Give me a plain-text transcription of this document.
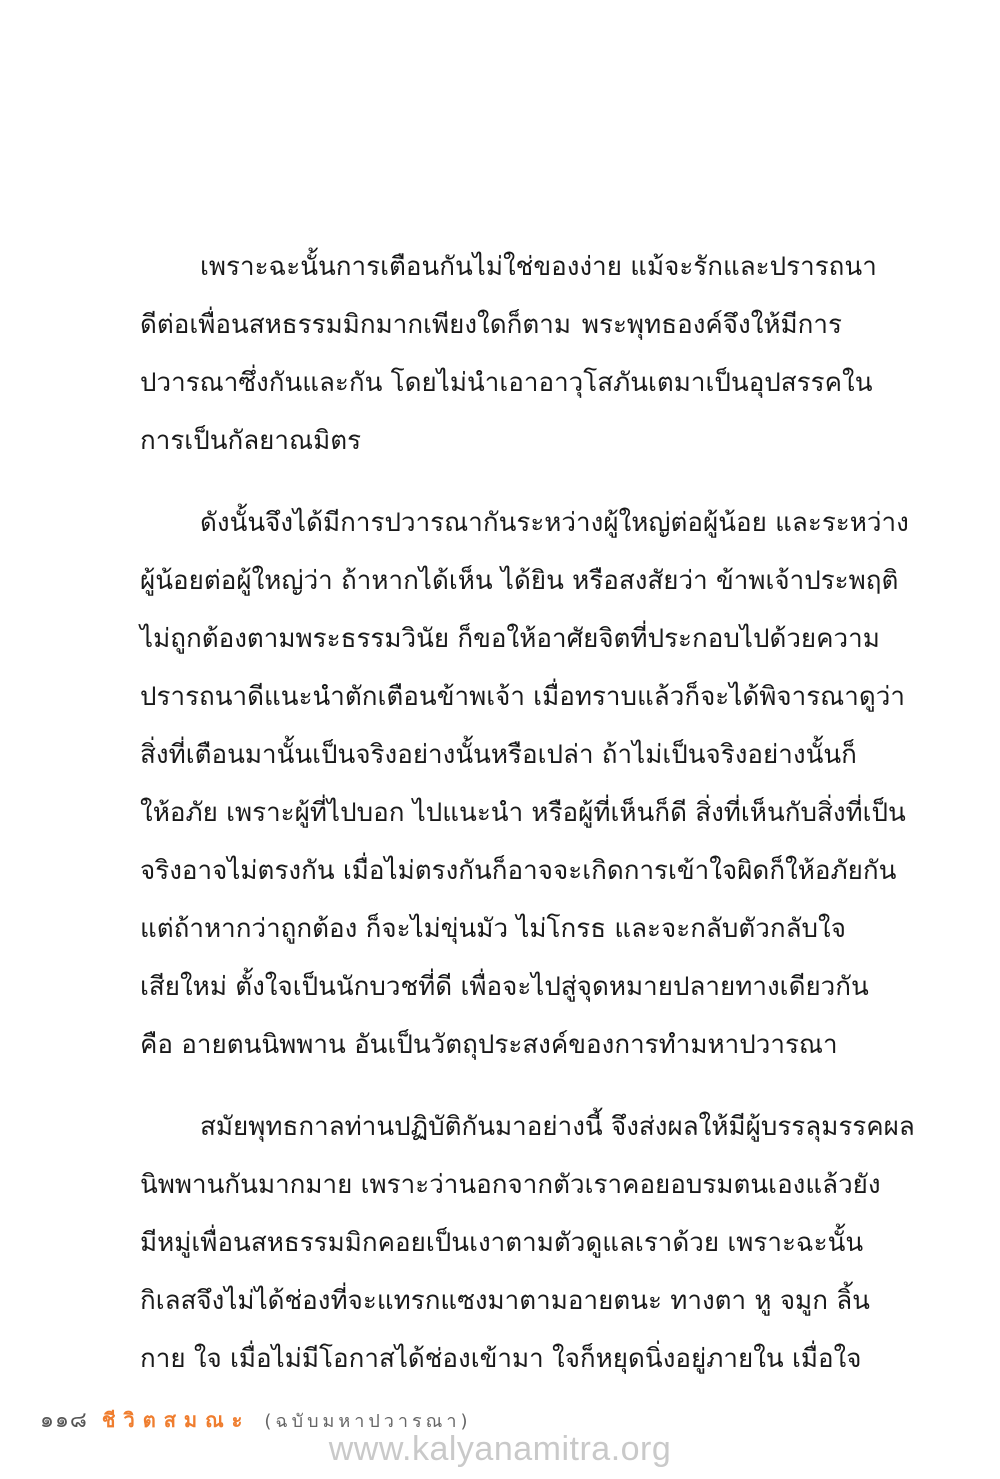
เพราะฉะนั้นการเตือนกันไม่ใช่ของง่าย แม้จะรักและปรารถนา
ดีต่อเพื่อนสหธรรมมิกมากเพียงใดก็ตาม พระพุทธองค์จึงให้มีการ
ปวารณาซึ่งกันและกัน โดยไม่นำเอาอาวุโสภันเตมาเป็นอุปสรรคใน
การเป็นกัลยาณมิตร
ดังนั้นจึงได้มีการปวารณากันระหว่างผู้ใหญ่ต่อผู้น้อย และระหว่าง
ผู้น้อยต่อผู้ใหญ่ว่า ถ้าหากได้เห็น ได้ยิน หรือสงสัยว่า ข้าพเจ้าประพฤติ
ไม่ถูกต้องตามพระธรรมวินัย ก็ขอให้อาศัยจิตที่ประกอบไปด้วยความ
ปรารถนาดีแนะนำตักเตือนข้าพเจ้า เมื่อทราบแล้วก็จะได้พิจารณาดูว่า
สิ่งที่เตือนมานั้นเป็นจริงอย่างนั้นหรือเปล่า ถ้าไม่เป็นจริงอย่างนั้นก็
ให้อภัย เพราะผู้ที่ไปบอก ไปแนะนำ หรือผู้ที่เห็นก็ดี สิ่งที่เห็นกับสิ่งที่เป็น
จริงอาจไม่ตรงกัน เมื่อไม่ตรงกันก็อาจจะเกิดการเข้าใจผิดก็ให้อภัยกัน
แต่ถ้าหากว่าถูกต้อง ก็จะไม่ขุ่นมัว ไม่โกรธ และจะกลับตัวกลับใจ
เสียใหม่ ตั้งใจเป็นนักบวชที่ดี เพื่อจะไปสู่จุดหมายปลายทางเดียวกัน
คือ อายตนนิพพาน อันเป็นวัตถุประสงค์ของการทำมหาปวารณา
สมัยพุทธกาลท่านปฏิบัติกันมาอย่างนี้ จึงส่งผลให้มีผู้บรรลุมรรคผล
นิพพานกันมากมาย เพราะว่านอกจากตัวเราคอยอบรมตนเองแล้วยัง
มีหมู่เพื่อนสหธรรมมิกคอยเป็นเงาตามตัวดูแลเราด้วย เพราะฉะนั้น
กิเลสจึงไม่ได้ช่องที่จะแทรกแซงมาตามอายตนะ ทางตา หู จมูก ลิ้น
กาย ใจ เมื่อไม่มีโอกาสได้ช่องเข้ามา ใจก็หยุดนิ่งอยู่ภายใน เมื่อใจ
๑๑๘ ชีวิตสมณะ (ฉบับมหาปวารณา)
www.kalyanamitra.org
